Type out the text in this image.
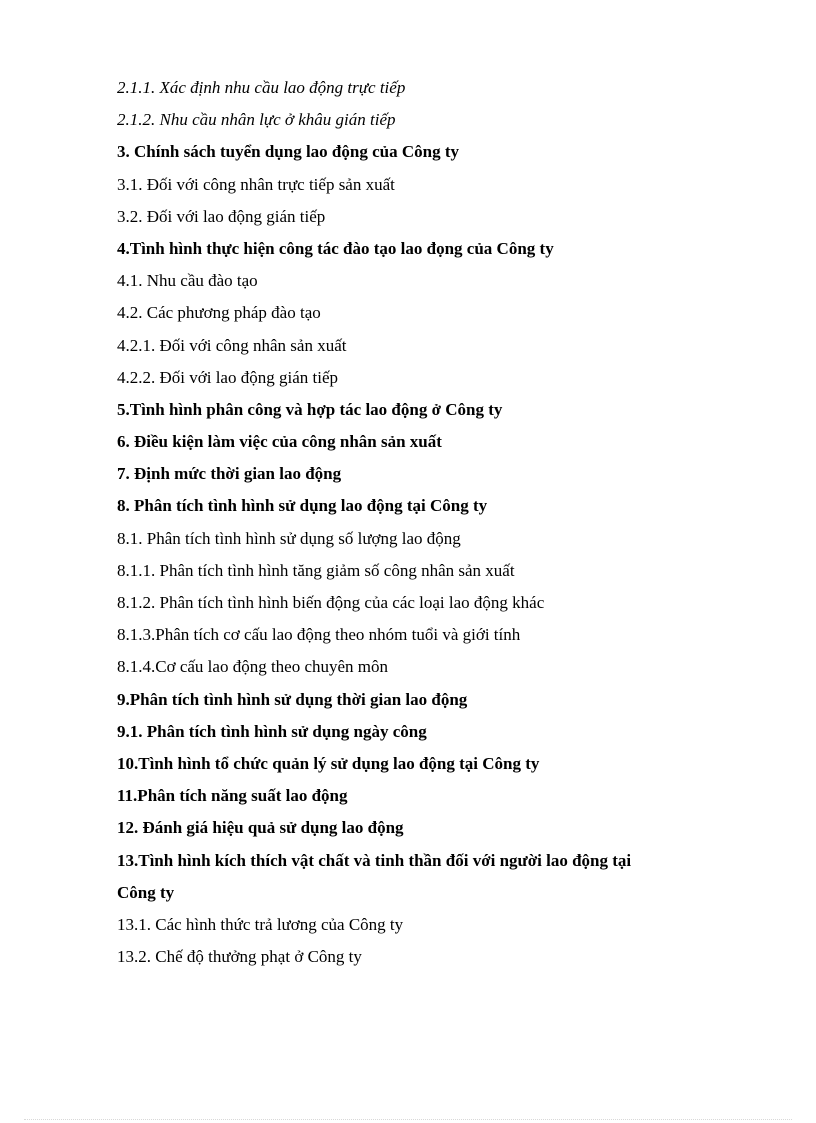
2.1.1. Xác định nhu cầu lao động trực tiếp
2.1.2. Nhu cầu nhân lực ở khâu gián tiếp
3. Chính sách tuyển dụng lao động của Công ty
3.1. Đối với công nhân trực tiếp sản xuất
3.2. Đối với lao động gián tiếp
4.Tình hình thực hiện công tác đào tạo lao đọng của Công ty
4.1. Nhu cầu đào tạo
4.2. Các phương pháp đào tạo
4.2.1. Đối với công nhân sản xuất
4.2.2. Đối với lao động gián tiếp
5.Tình hình phân công và hợp tác lao động ở Công ty
6. Điều kiện làm việc của công nhân sản xuất
7. Định mức thời gian lao động
8. Phân tích tình hình sử dụng lao động tại Công ty
8.1. Phân tích tình hình sử dụng số lượng lao động
8.1.1. Phân tích tình hình tăng giảm số công nhân sản xuất
8.1.2. Phân tích tình hình biến động của các loại lao động khác
8.1.3.Phân tích cơ cấu lao động theo nhóm tuổi và giới tính
8.1.4.Cơ cấu lao động theo chuyên môn
9.Phân tích tình hình sử dụng thời gian lao động
9.1. Phân tích tình hình sử dụng ngày công
10.Tình hình tổ chức quản lý sử dụng lao động tại Công ty
11.Phân tích năng suất lao động
12. Đánh giá hiệu quả sử dụng lao động
13.Tình hình kích thích vật chất và tinh thần đối với người lao động tại
Công ty
13.1. Các hình thức trả lương của Công ty
13.2. Chế độ thưởng phạt ở Công ty
